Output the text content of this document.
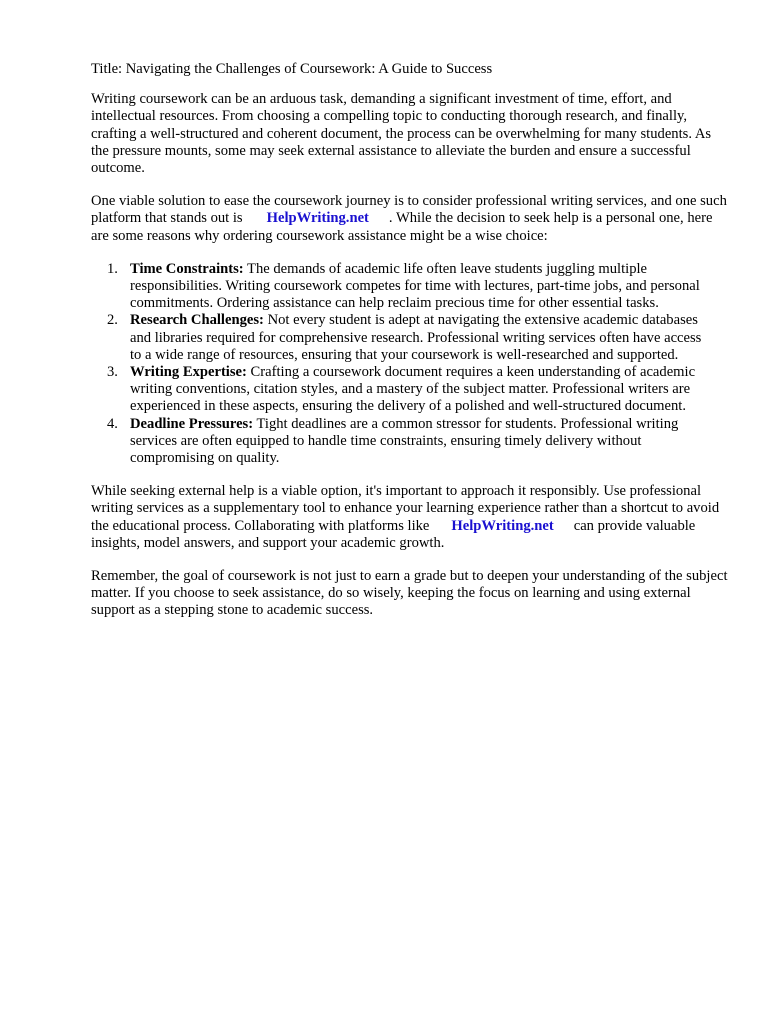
Title: Navigating the Challenges of Coursework: A Guide to Success

Writing coursework can be an arduous task, demanding a significant investment of time, effort, and intellectual resources. From choosing a compelling topic to conducting thorough research, and finally, crafting a well-structured and coherent document, the process can be overwhelming for many students. As the pressure mounts, some may seek external assistance to alleviate the burden and ensure a successful outcome.

One viable solution to ease the coursework journey is to consider professional writing services, and one such platform that stands out is HelpWriting.net . While the decision to seek help is a personal one, here are some reasons why ordering coursework assistance might be a wise choice:

1. Time Constraints: The demands of academic life often leave students juggling multiple responsibilities. Writing coursework competes for time with lectures, part-time jobs, and personal commitments. Ordering assistance can help reclaim precious time for other essential tasks.
2. Research Challenges: Not every student is adept at navigating the extensive academic databases and libraries required for comprehensive research. Professional writing services often have access to a wide range of resources, ensuring that your coursework is well-researched and supported.
3. Writing Expertise: Crafting a coursework document requires a keen understanding of academic writing conventions, citation styles, and a mastery of the subject matter. Professional writers are experienced in these aspects, ensuring the delivery of a polished and well-structured document.
4. Deadline Pressures: Tight deadlines are a common stressor for students. Professional writing services are often equipped to handle time constraints, ensuring timely delivery without compromising on quality.

While seeking external help is a viable option, it's important to approach it responsibly. Use professional writing services as a supplementary tool to enhance your learning experience rather than a shortcut to avoid the educational process. Collaborating with platforms like HelpWriting.net can provide valuable insights, model answers, and support your academic growth.

Remember, the goal of coursework is not just to earn a grade but to deepen your understanding of the subject matter. If you choose to seek assistance, do so wisely, keeping the focus on learning and using external support as a stepping stone to academic success.
